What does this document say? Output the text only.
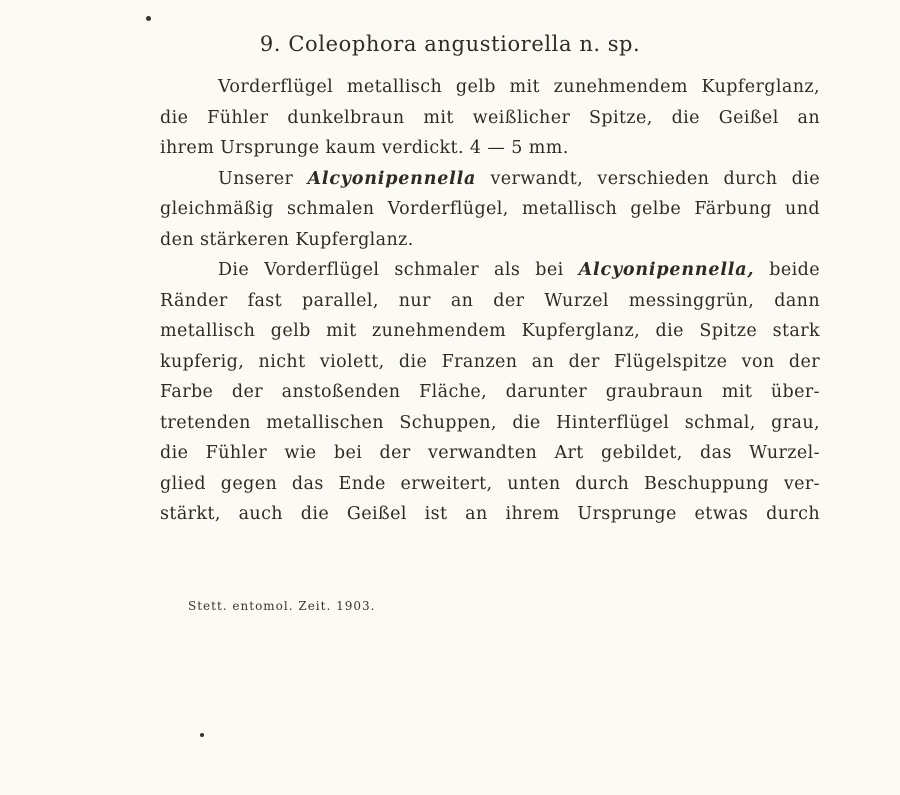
9. Coleophora angustiorella n. sp.
Vorderflügel metallisch gelb mit zunehmendem Kupferglanz,
die Fühler dunkelbraun mit weißlicher Spitze, die Geißel an
ihrem Ursprunge kaum verdickt. 4 — 5 mm.
Unserer Alcyonipennella verwandt, verschieden durch die
gleichmäßig schmalen Vorderflügel, metallisch gelbe Färbung und
den stärkeren Kupferglanz.
Die Vorderflügel schmaler als bei Alcyonipennella, beide
Ränder fast parallel, nur an der Wurzel messinggrün, dann
metallisch gelb mit zunehmendem Kupferglanz, die Spitze stark
kupferig, nicht violett, die Franzen an der Flügelspitze von der
Farbe der anstoßenden Fläche, darunter graubraun mit über-
tretenden metallischen Schuppen, die Hinterflügel schmal, grau,
die Fühler wie bei der verwandten Art gebildet, das Wurzel-
glied gegen das Ende erweitert, unten durch Beschuppung ver-
stärkt, auch die Geißel ist an ihrem Ursprunge etwas durch
Stett. entomol. Zeit. 1903.
